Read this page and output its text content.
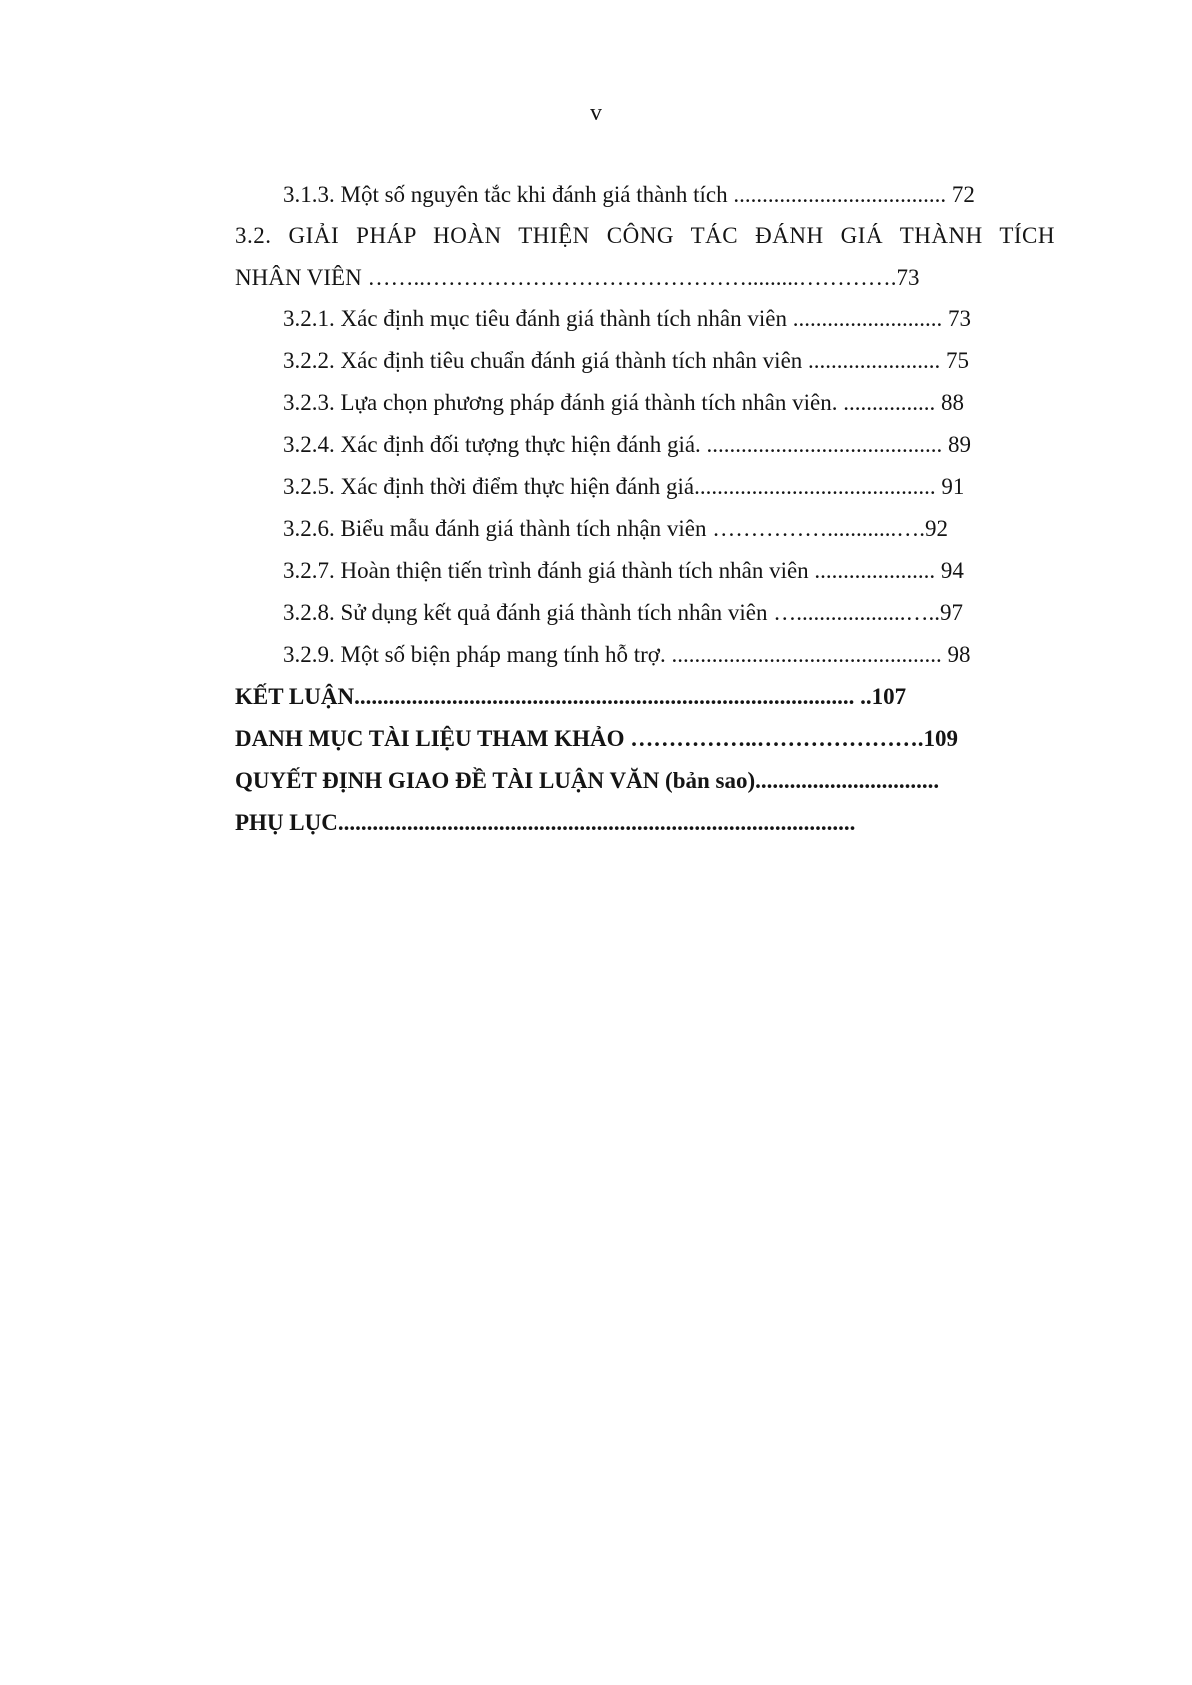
v
3.1.3. Một số nguyên tắc khi đánh giá thành tích ..................................... 72
3.2. GIẢI PHÁP HOÀN THIỆN CÔNG TÁC ĐÁNH GIÁ THÀNH TÍCH
NHÂN VIÊN ……..…………………………………….........………….73
3.2.1. Xác định mục tiêu đánh giá thành tích nhân viên .......................... 73
3.2.2. Xác định tiêu chuẩn đánh giá thành tích nhân viên ....................... 75
3.2.3. Lựa chọn phương pháp đánh giá thành tích nhân viên. ................ 88
3.2.4. Xác định đối tượng thực hiện đánh giá. ......................................... 89
3.2.5. Xác định thời điểm thực hiện đánh giá.......................................... 91
3.2.6. Biểu mẫu đánh giá thành tích nhận viên ……………............….92
3.2.7. Hoàn thiện tiến trình đánh giá thành tích nhân viên ..................... 94
3.2.8. Sử dụng kết quả đánh giá thành tích nhân viên …...................…..97
3.2.9. Một số biện pháp mang tính hỗ trợ. ............................................... 98
KẾT LUẬN....................................................................................... ..107
DANH MỤC TÀI LIỆU THAM KHẢO ……………..………………….109
QUYẾT ĐỊNH GIAO ĐỀ TÀI LUẬN VĂN (bản sao)................................
PHỤ LỤC..........................................................................................
